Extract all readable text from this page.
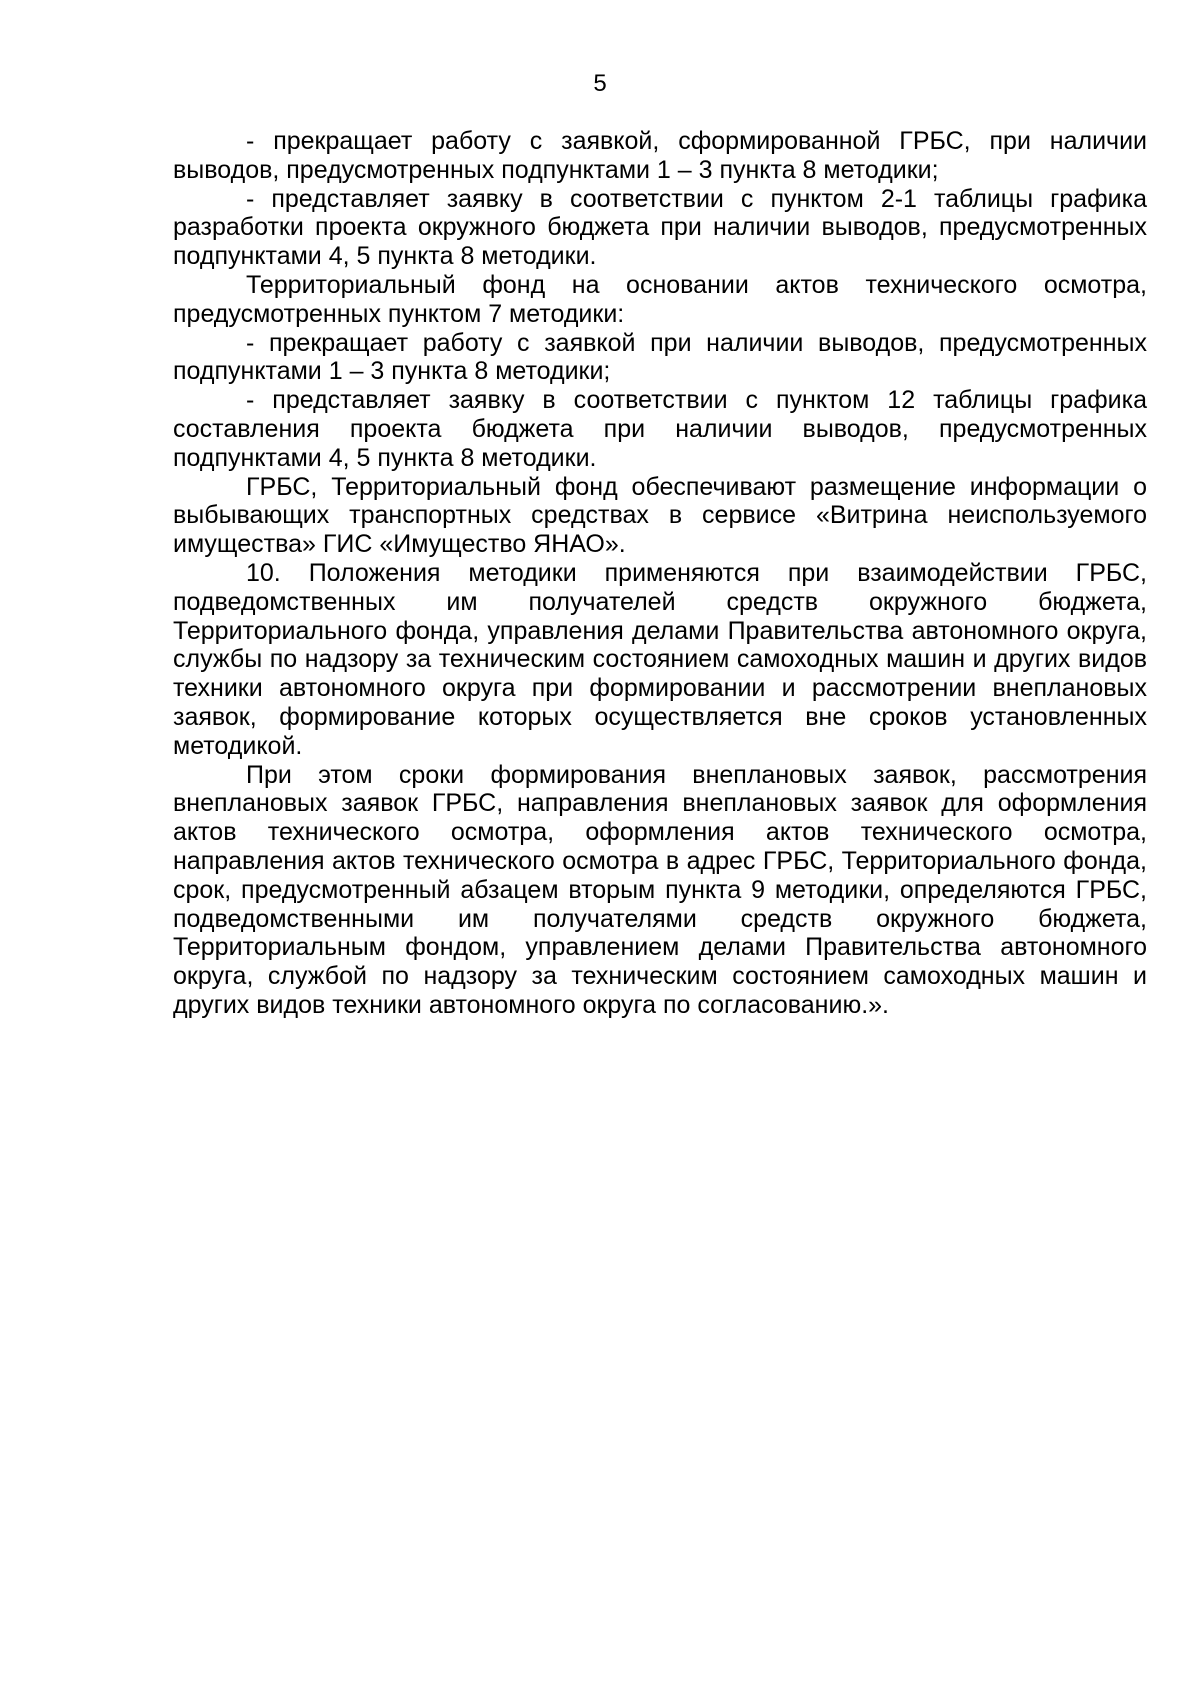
5

- прекращает работу с заявкой, сформированной ГРБС, при наличии выводов, предусмотренных подпунктами 1 – 3 пункта 8 методики;

- представляет заявку в соответствии с пунктом 2-1 таблицы графика разработки проекта окружного бюджета при наличии выводов, предусмотренных подпунктами 4, 5 пункта 8 методики.

Территориальный фонд на основании актов технического осмотра, предусмотренных пунктом 7 методики:

- прекращает работу с заявкой при наличии выводов, предусмотренных подпунктами 1 – 3 пункта 8 методики;

- представляет заявку в соответствии с пунктом 12 таблицы графика составления проекта бюджета при наличии выводов, предусмотренных подпунктами 4, 5 пункта 8 методики.

ГРБС, Территориальный фонд обеспечивают размещение информации о выбывающих транспортных средствах в сервисе «Витрина неиспользуемого имущества» ГИС «Имущество ЯНАО».

10. Положения методики применяются при взаимодействии ГРБС, подведомственных им получателей средств окружного бюджета, Территориального фонда, управления делами Правительства автономного округа, службы по надзору за техническим состоянием самоходных машин и других видов техники автономного округа при формировании и рассмотрении внеплановых заявок, формирование которых осуществляется вне сроков установленных методикой.

При этом сроки формирования внеплановых заявок, рассмотрения внеплановых заявок ГРБС, направления внеплановых заявок для оформления актов технического осмотра, оформления актов технического осмотра, направления актов технического осмотра в адрес ГРБС, Территориального фонда, срок, предусмотренный абзацем вторым пункта 9 методики, определяются ГРБС, подведомственными им получателями средств окружного бюджета, Территориальным фондом, управлением делами Правительства автономного округа, службой по надзору за техническим состоянием самоходных машин и других видов техники автономного округа по согласованию.».
